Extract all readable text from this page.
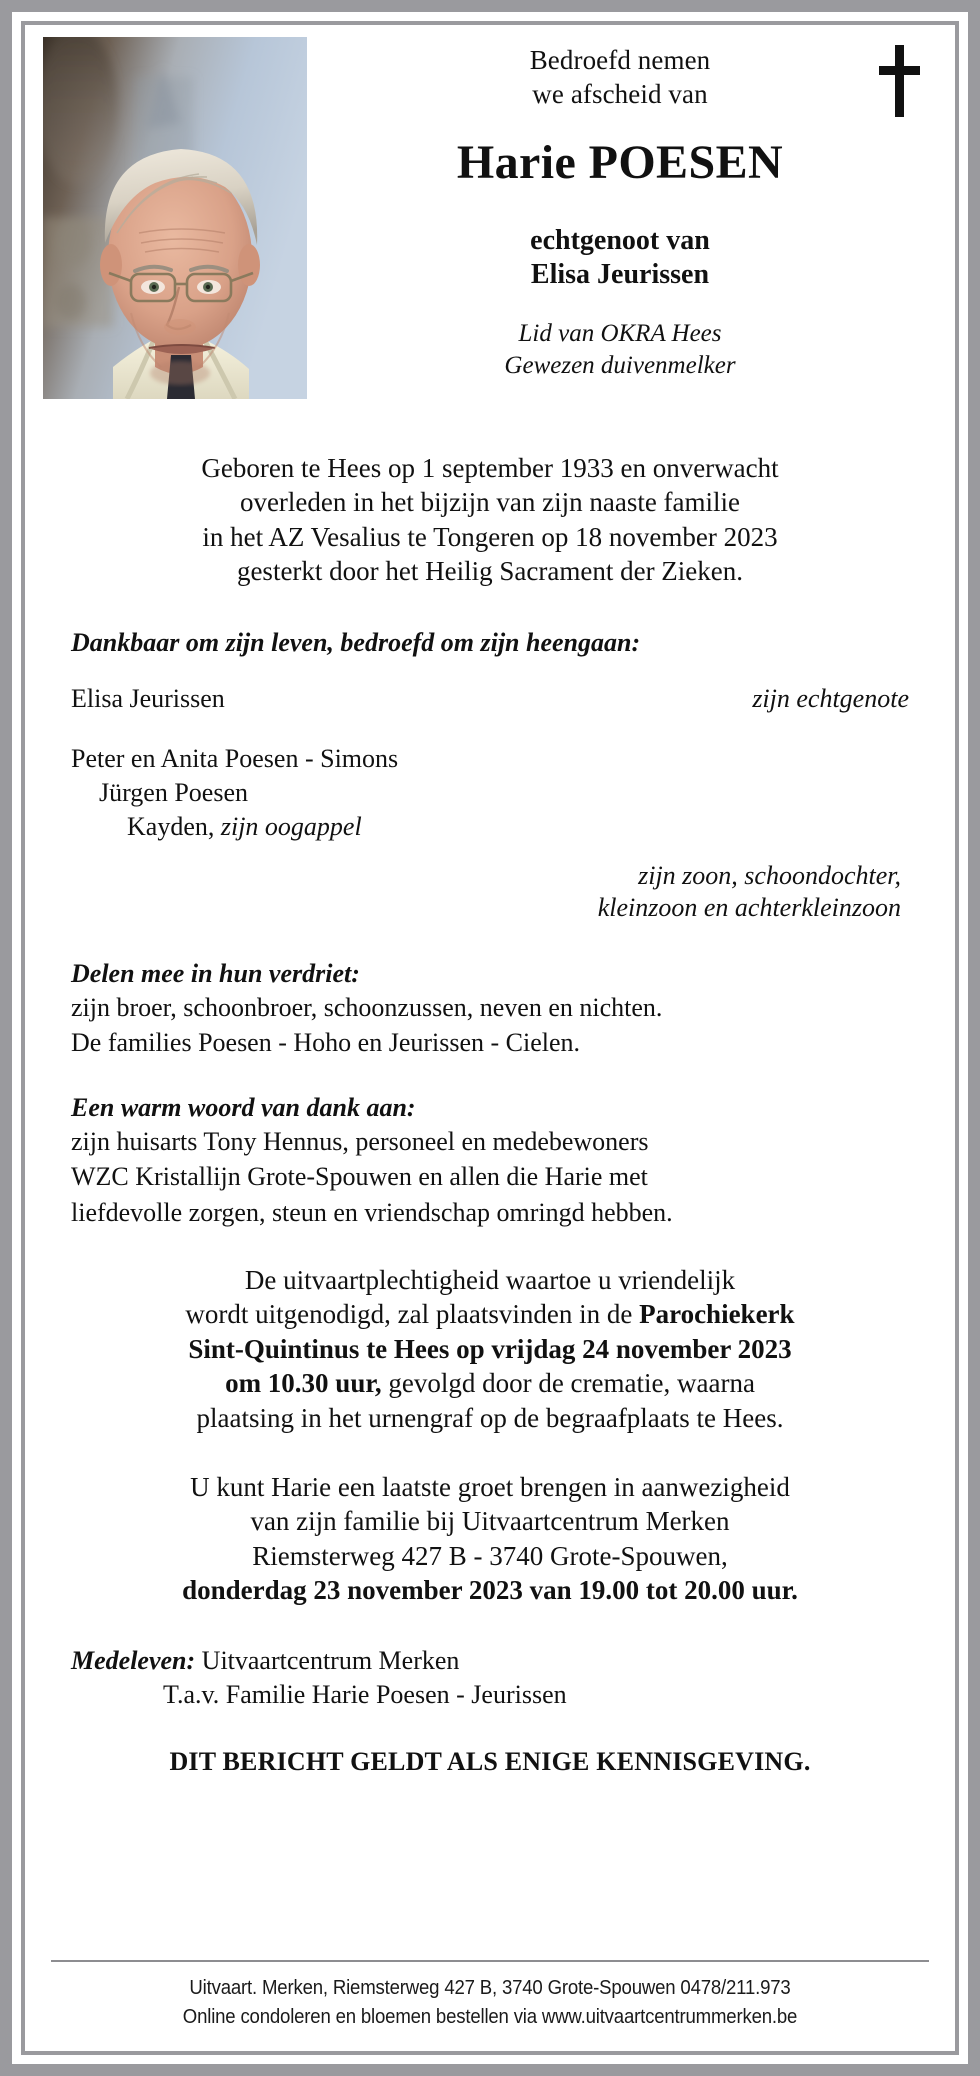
Bedroefd nemen
we afscheid van
Harie POESEN
echtgenoot van
Elisa Jeurissen
Lid van OKRA Hees
Gewezen duivenmelker
Geboren te Hees op 1 september 1933 en onverwacht
overleden in het bijzijn van zijn naaste familie
in het AZ Vesalius te Tongeren op 18 november 2023
gesterkt door het Heilig Sacrament der Zieken.
Dankbaar om zijn leven, bedroefd om zijn heengaan:
Elisa Jeurissen	zijn echtgenote
Peter en Anita Poesen - Simons
Jürgen Poesen
Kayden, zijn oogappel
zijn zoon, schoondochter,
kleinzoon en achterkleinzoon
Delen mee in hun verdriet:
zijn broer, schoonbroer, schoonzussen, neven en nichten.
De families Poesen - Hoho en Jeurissen - Cielen.
Een warm woord van dank aan:
zijn huisarts Tony Hennus, personeel en medebewoners
WZC Kristallijn Grote-Spouwen en allen die Harie met
liefdevolle zorgen, steun en vriendschap omringd hebben.
De uitvaartplechtigheid waartoe u vriendelijk
wordt uitgenodigd, zal plaatsvinden in de Parochiekerk
Sint-Quintinus te Hees op vrijdag 24 november 2023
om 10.30 uur, gevolgd door de crematie, waarna
plaatsing in het urnengraf op de begraafplaats te Hees.
U kunt Harie een laatste groet brengen in aanwezigheid
van zijn familie bij Uitvaartcentrum Merken
Riemsterweg 427 B - 3740 Grote-Spouwen,
donderdag 23 november 2023 van 19.00 tot 20.00 uur.
Medeleven: Uitvaartcentrum Merken
T.a.v. Familie Harie Poesen - Jeurissen
DIT BERICHT GELDT ALS ENIGE KENNISGEVING.
Uitvaart. Merken, Riemsterweg 427 B, 3740 Grote-Spouwen 0478/211.973
Online condoleren en bloemen bestellen via www.uitvaartcentrummerken.be
